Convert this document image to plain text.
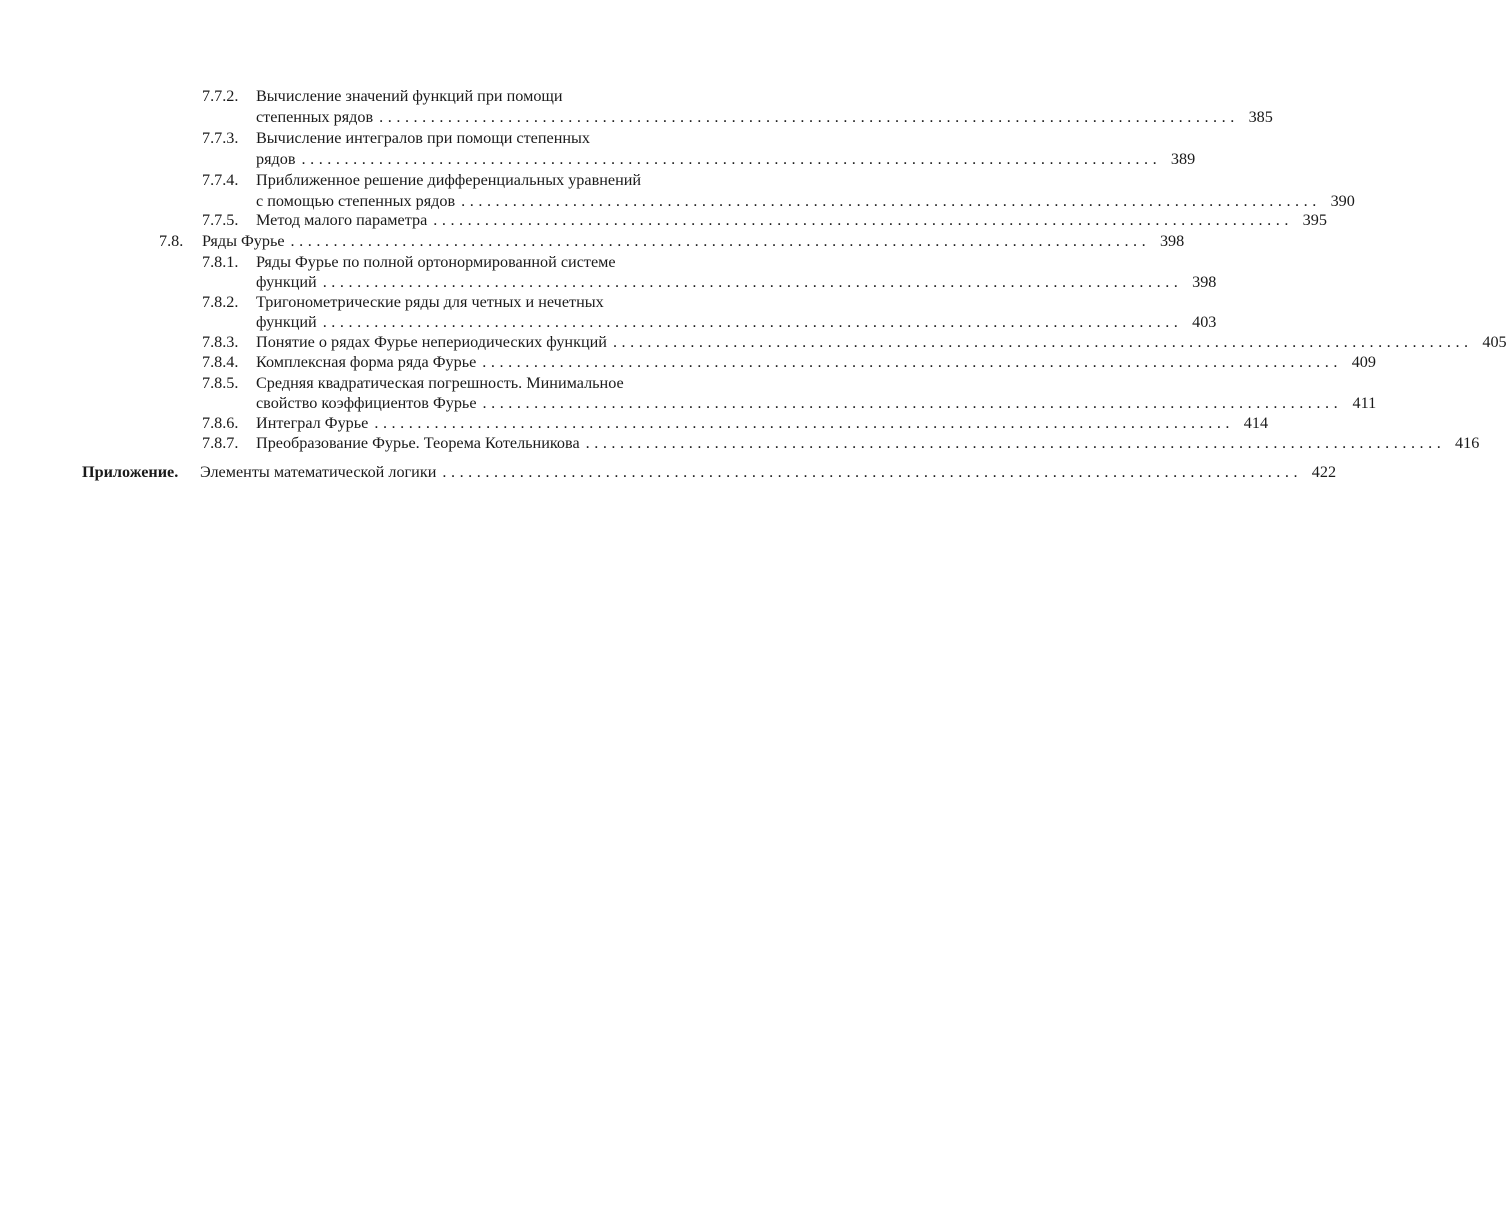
7.7.2. Вычисление значений функций при помощи
степенных рядов .................................................................................................... 385
7.7.3. Вычисление интегралов при помощи степенных
рядов .................................................................................................... 389
7.7.4. Приближенное решение дифференциальных уравнений
с помощью степенных рядов .................................................................................................... 390
7.7.5. Метод малого параметра .................................................................................................... 395
7.8. Ряды Фурье .................................................................................................... 398
7.8.1. Ряды Фурье по полной ортонормированной системе
функций .................................................................................................... 398
7.8.2. Тригонометрические ряды для четных и нечетных
функций .................................................................................................... 403
7.8.3. Понятие о рядах Фурье непериодических функций .................................................................................................... 405
7.8.4. Комплексная форма ряда Фурье .................................................................................................... 409
7.8.5. Средняя квадратическая погрешность. Минимальное
свойство коэффициентов Фурье .................................................................................................... 411
7.8.6. Интеграл Фурье .................................................................................................... 414
7.8.7. Преобразование Фурье. Теорема Котельникова .................................................................................................... 416
Приложение. Элементы математической логики .................................................................................................... 422
